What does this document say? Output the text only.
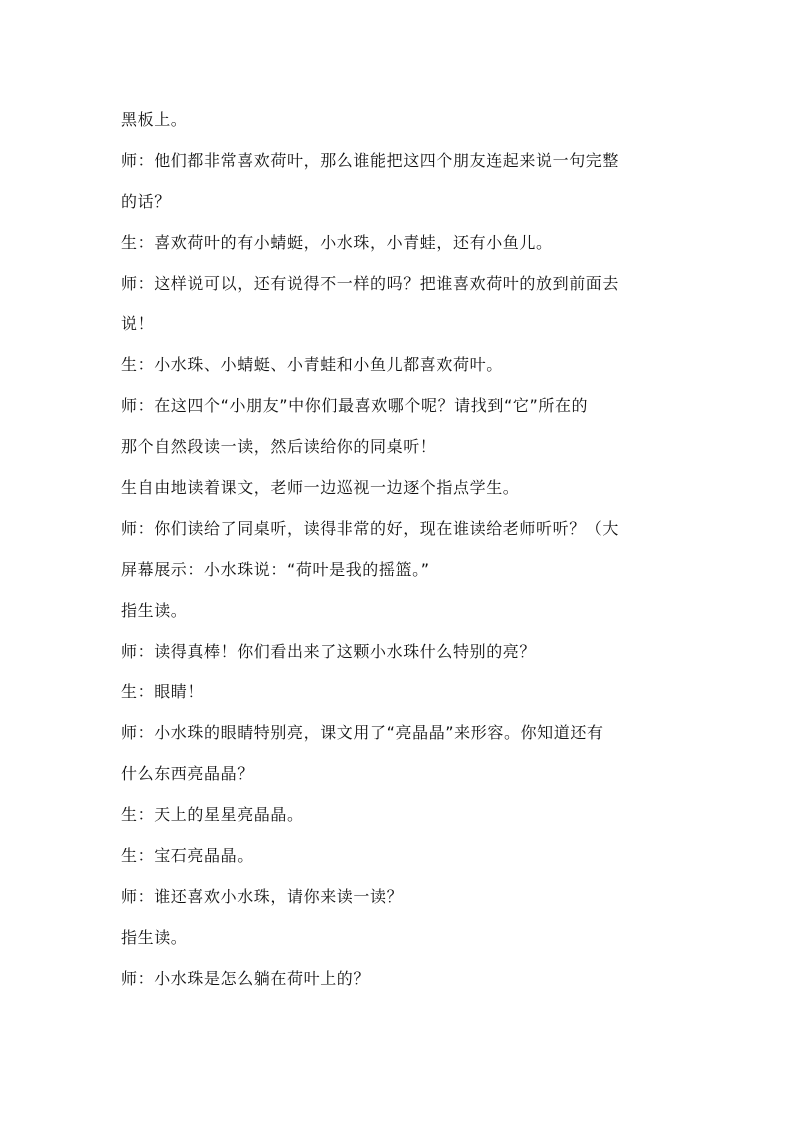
黑板上。

师：他们都非常喜欢荷叶，那么谁能把这四个朋友连起来说一句完整

的话？

生：喜欢荷叶的有小蜻蜓，小水珠，小青蛙，还有小鱼儿。

师：这样说可以，还有说得不一样的吗？把谁喜欢荷叶的放到前面去

说！

生：小水珠、小蜻蜓、小青蛙和小鱼儿都喜欢荷叶。

师：在这四个“小朋友”中你们最喜欢哪个呢？请找到“它”所在的

那个自然段读一读，然后读给你的同桌听！

生自由地读着课文，老师一边巡视一边逐个指点学生。

师：你们读给了同桌听，读得非常的好，现在谁读给老师听听？（大

屏幕展示：小水珠说：“荷叶是我的摇篮。”

指生读。

师：读得真棒！你们看出来了这颗小水珠什么特别的亮？

生：眼睛！

师：小水珠的眼睛特别亮，课文用了“亮晶晶”来形容。你知道还有

什么东西亮晶晶？

生：天上的星星亮晶晶。

生：宝石亮晶晶。

师：谁还喜欢小水珠，请你来读一读？

指生读。

师：小水珠是怎么躺在荷叶上的？
